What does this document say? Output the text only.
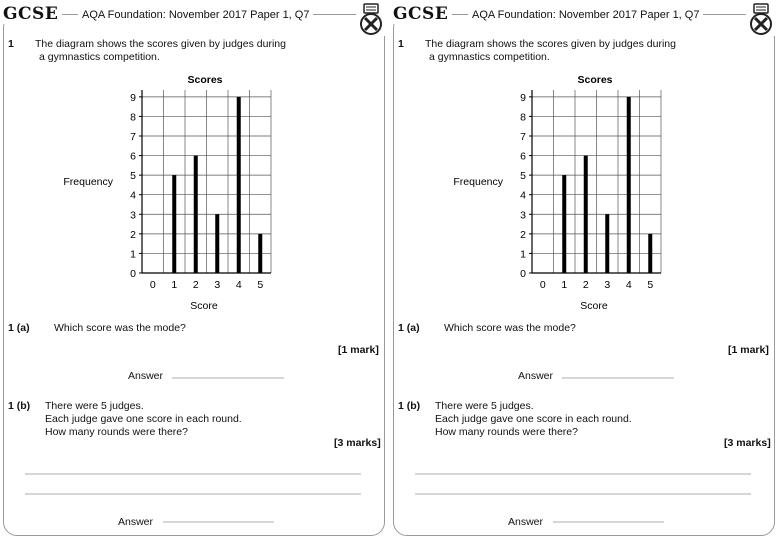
GCSE	AQA Foundation: November 2017 Paper 1, Q7
1 The diagram shows the scores given by judges during
a gymnastics competition.
Scores
0
1
2
3
4
5
6
7
8
9
0 1 2 3 4 5
Frequency
Score
1 (a) Which score was the mode?
[1 mark]
Answer
1 (b) There were 5 judges.
Each judge gave one score in each round.
How many rounds were there?
[3 marks]
Answer
GCSE	AQA Foundation: November 2017 Paper 1, Q7
1 The diagram shows the scores given by judges during
a gymnastics competition.
Scores
0
1
2
3
4
5
6
7
8
9
0 1 2 3 4 5
Frequency
Score
1 (a) Which score was the mode?
[1 mark]
Answer
1 (b) There were 5 judges.
Each judge gave one score in each round.
How many rounds were there?
[3 marks]
Answer
